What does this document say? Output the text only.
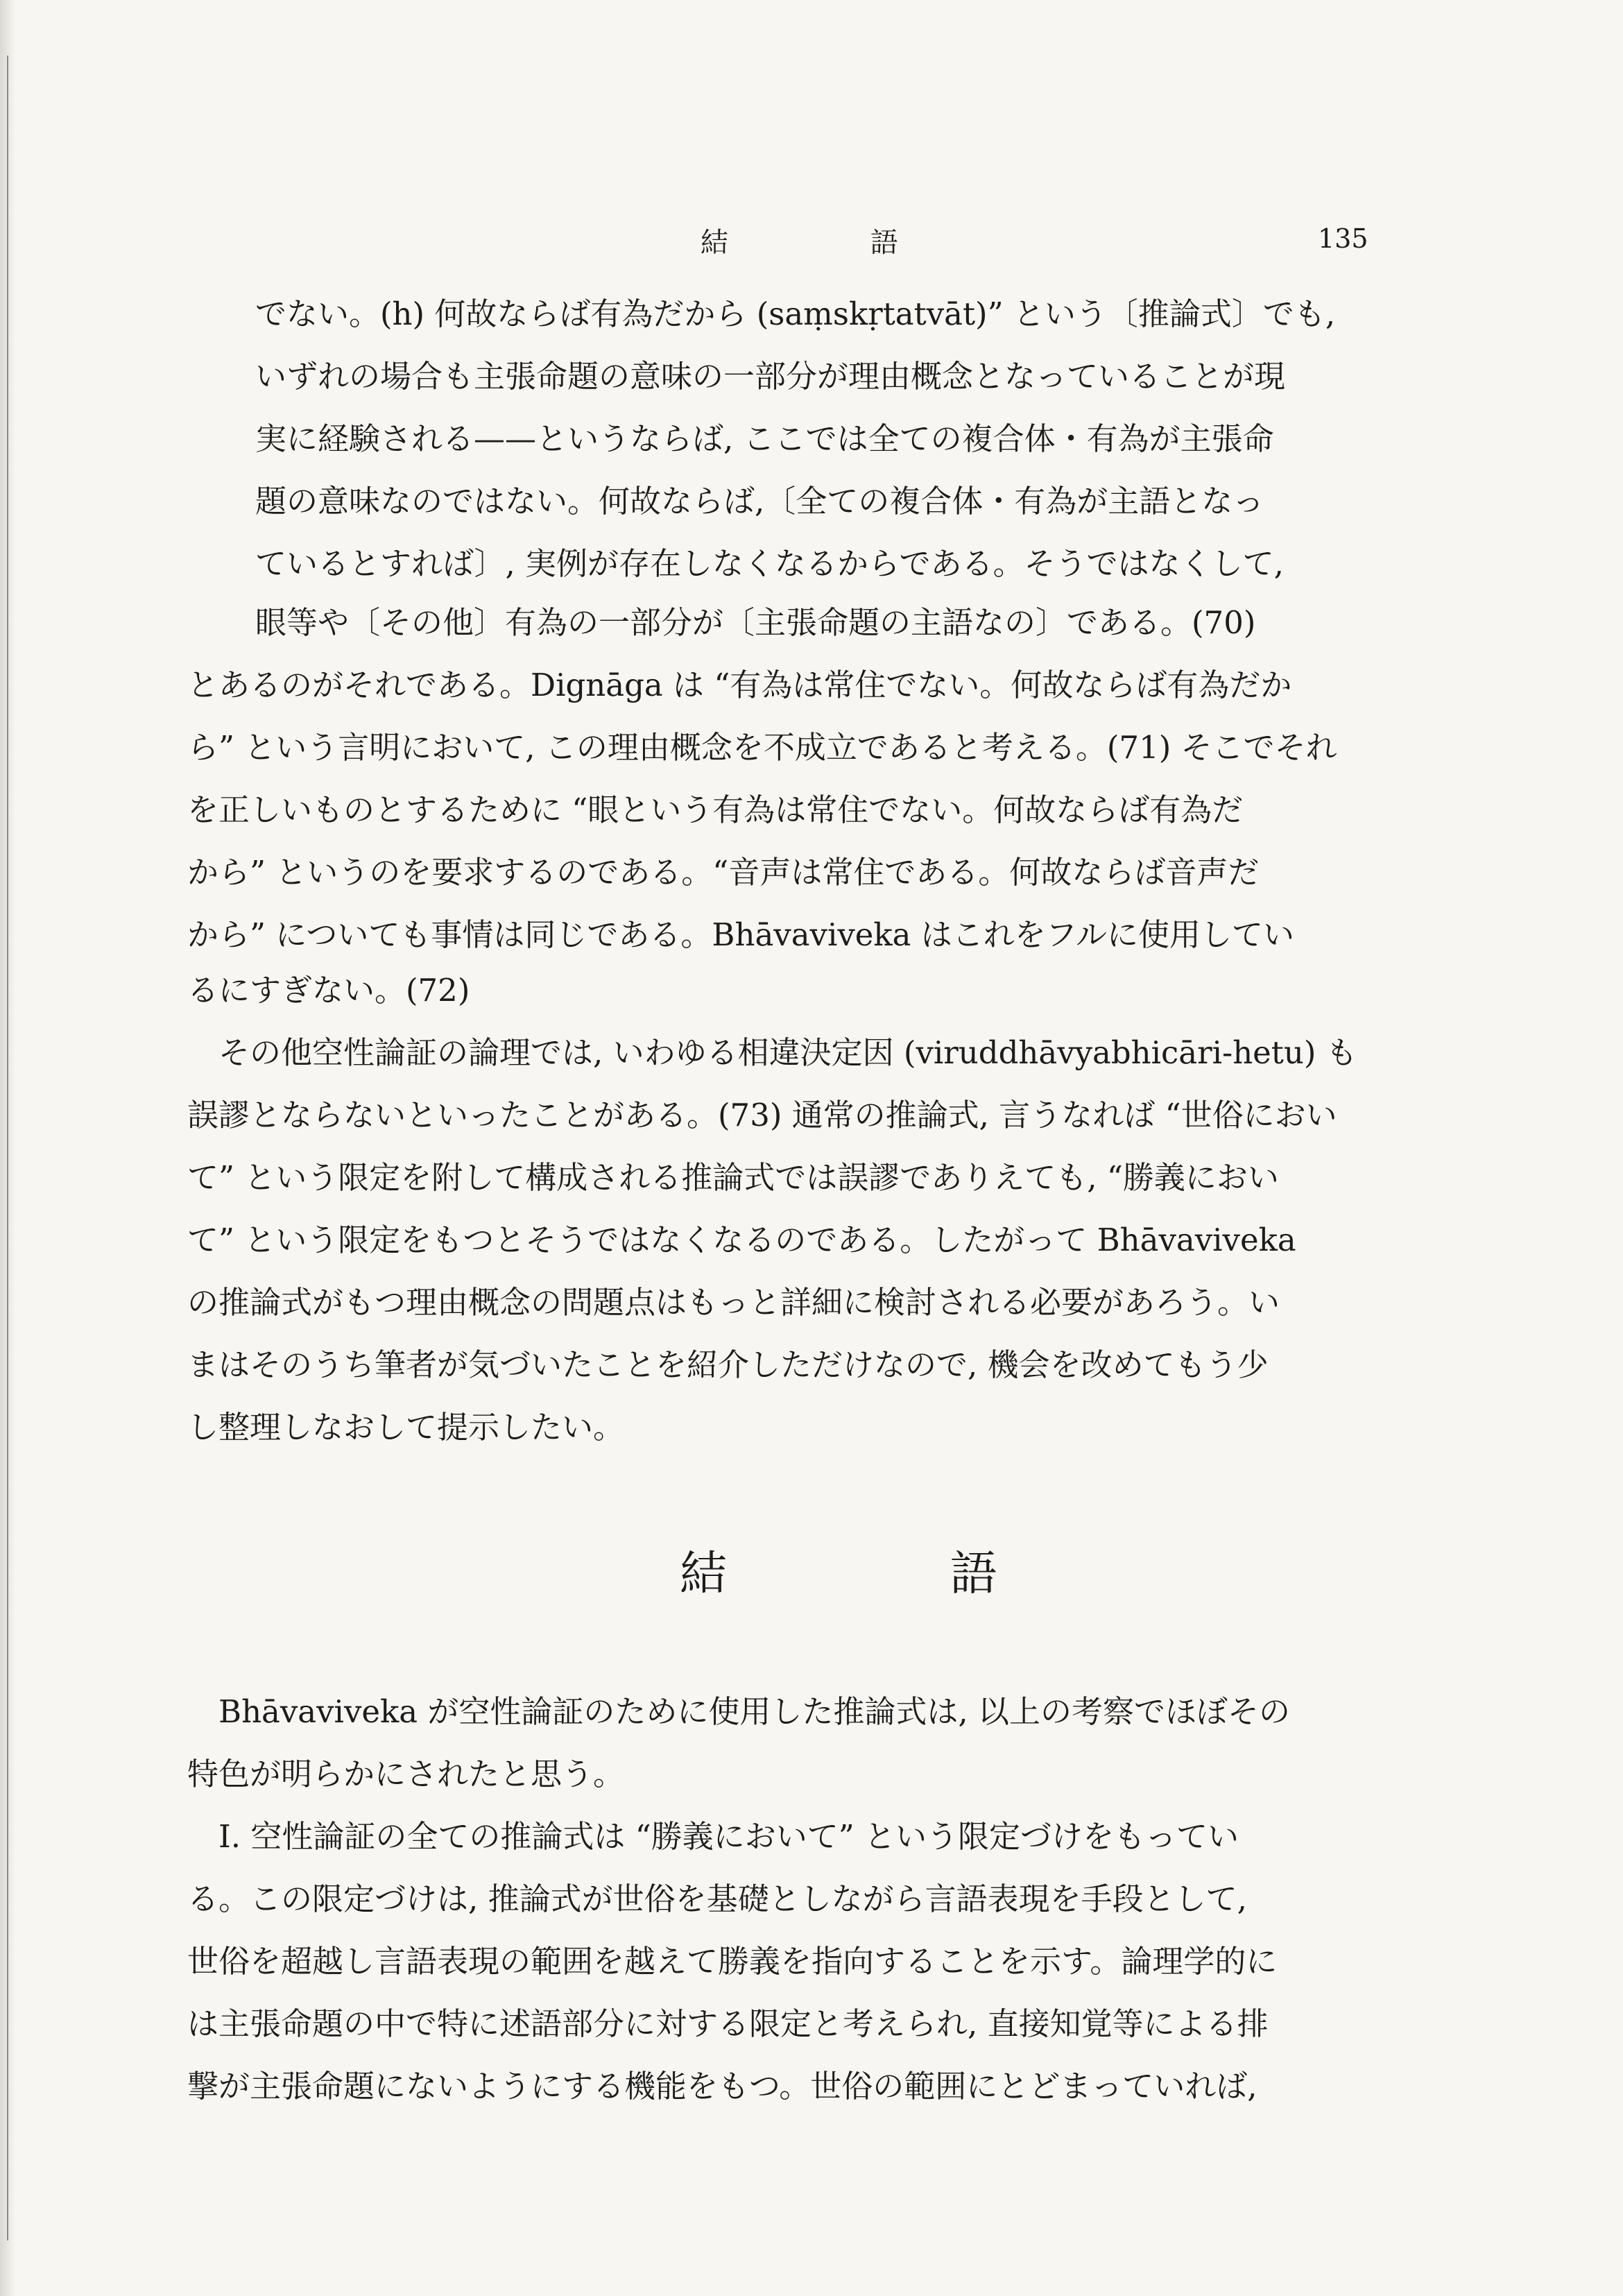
結 語	135
でない。(h) 何故ならば有為だから (saṃskṛtatvāt)” という〔推論式〕でも,
いずれの場合も主張命題の意味の一部分が理由概念となっていることが現
実に経験される——というならば, ここでは全ての複合体・有為が主張命
題の意味なのではない。何故ならば,〔全ての複合体・有為が主語となっ
ているとすれば〕, 実例が存在しなくなるからである。そうではなくして,
眼等や〔その他〕有為の一部分が〔主張命題の主語なの〕である。(70)
とあるのがそれである。Dignāga は “有為は常住でない。何故ならば有為だか
ら” という言明において, この理由概念を不成立であると考える。(71) そこでそれ
を正しいものとするために “眼という有為は常住でない。何故ならば有為だ
から” というのを要求するのである。“音声は常住である。何故ならば音声だ
から” についても事情は同じである。Bhāvaviveka はこれをフルに使用してい
るにすぎない。(72)
　その他空性論証の論理では, いわゆる相違決定因 (viruddhāvyabhicāri-hetu) も
誤謬とならないといったことがある。(73) 通常の推論式, 言うなれば “世俗におい
て” という限定を附して構成される推論式では誤謬でありえても, “勝義におい
て” という限定をもつとそうではなくなるのである。したがって Bhāvaviveka
の推論式がもつ理由概念の問題点はもっと詳細に検討される必要があろう。い
まはそのうち筆者が気づいたことを紹介しただけなので, 機会を改めてもう少
し整理しなおして提示したい。
結 語
　Bhāvaviveka が空性論証のために使用した推論式は, 以上の考察でほぼその
特色が明らかにされたと思う。
　I. 空性論証の全ての推論式は “勝義において” という限定づけをもってい
る。この限定づけは, 推論式が世俗を基礎としながら言語表現を手段として,
世俗を超越し言語表現の範囲を越えて勝義を指向することを示す。論理学的に
は主張命題の中で特に述語部分に対する限定と考えられ, 直接知覚等による排
撃が主張命題にないようにする機能をもつ。世俗の範囲にとどまっていれば,
